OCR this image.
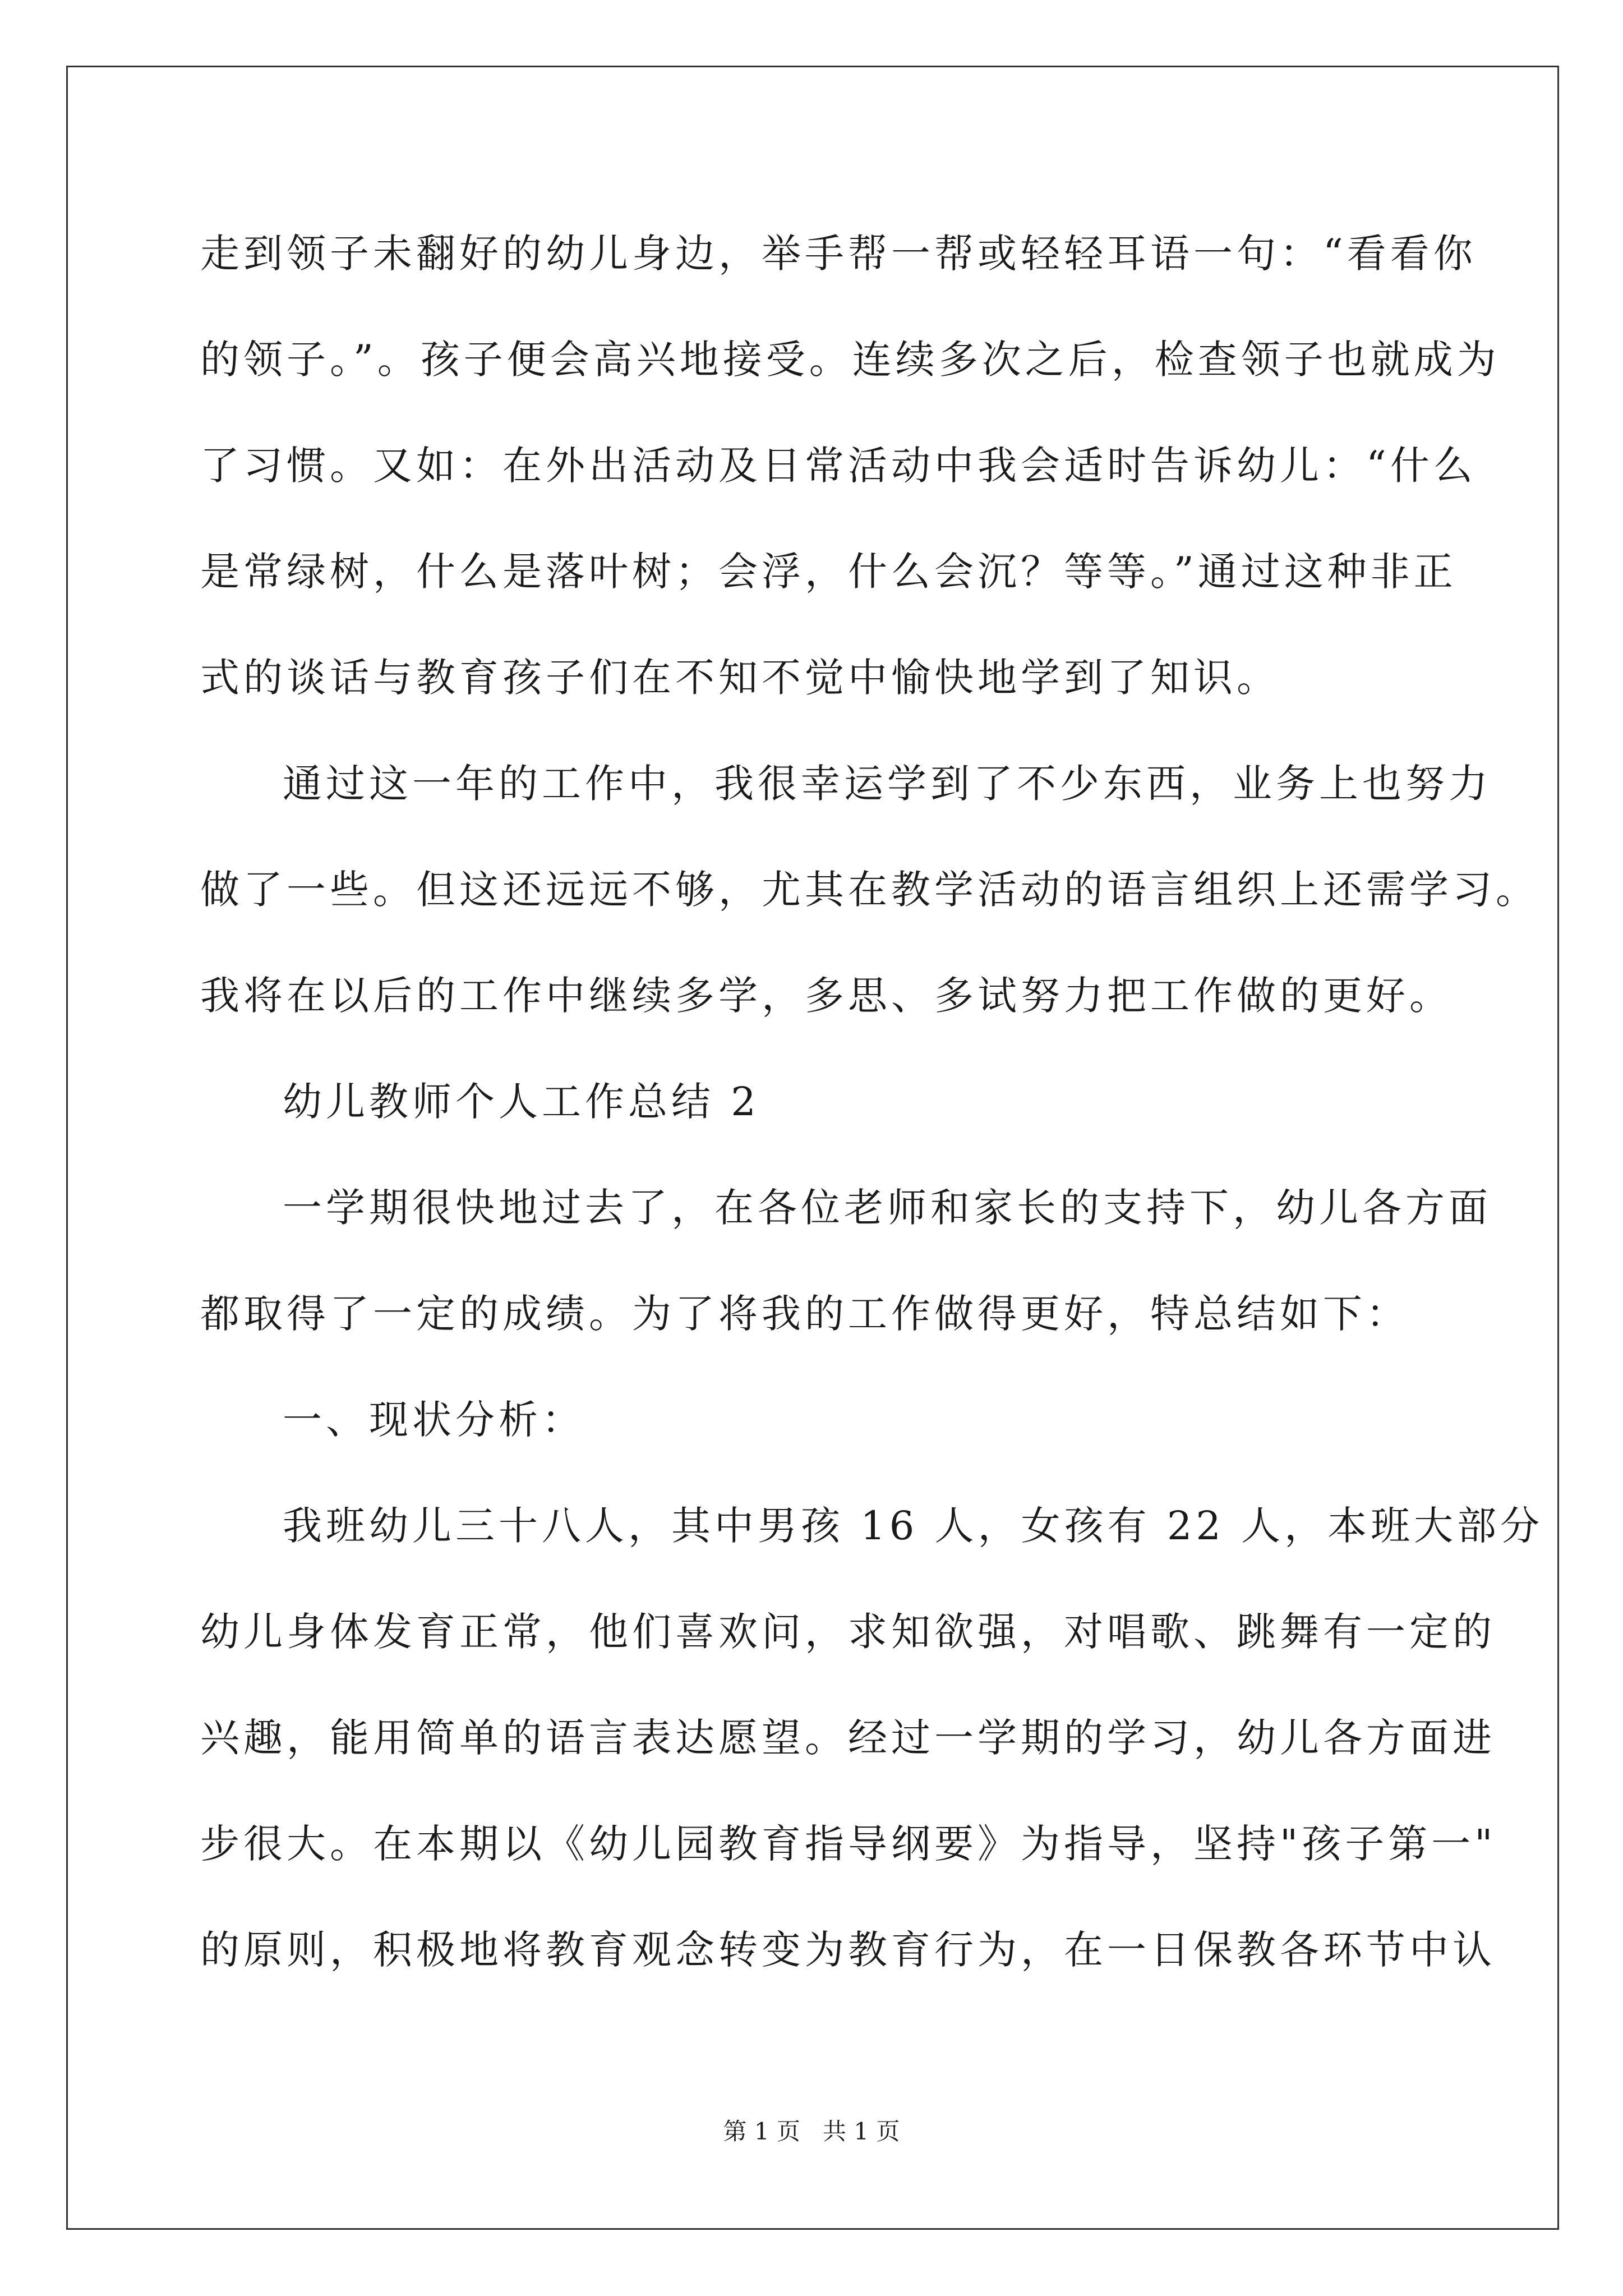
走到领子未翻好的幼儿身边，举手帮一帮或轻轻耳语一句：“看看你

的领子。”。孩子便会高兴地接受。连续多次之后，检查领子也就成为

了习惯。又如：在外出活动及日常活动中我会适时告诉幼儿：“什么

是常绿树，什么是落叶树；会浮，什么会沉？等等。”通过这种非正

式的谈话与教育孩子们在不知不觉中愉快地学到了知识。

通过这一年的工作中，我很幸运学到了不少东西，业务上也努力

做了一些。但这还远远不够，尤其在教学活动的语言组织上还需学习。

我将在以后的工作中继续多学，多思、多试努力把工作做的更好。

幼儿教师个人工作总结 2

一学期很快地过去了，在各位老师和家长的支持下，幼儿各方面

都取得了一定的成绩。为了将我的工作做得更好，特总结如下：

一、现状分析：

我班幼儿三十八人，其中男孩 16 人，女孩有 22 人，本班大部分

幼儿身体发育正常，他们喜欢问，求知欲强，对唱歌、跳舞有一定的

兴趣，能用简单的语言表达愿望。经过一学期的学习，幼儿各方面进

步很大。在本期以《幼儿园教育指导纲要》为指导，坚持"孩子第一"

的原则，积极地将教育观念转变为教育行为，在一日保教各环节中认

第 1 页   共 1 页
